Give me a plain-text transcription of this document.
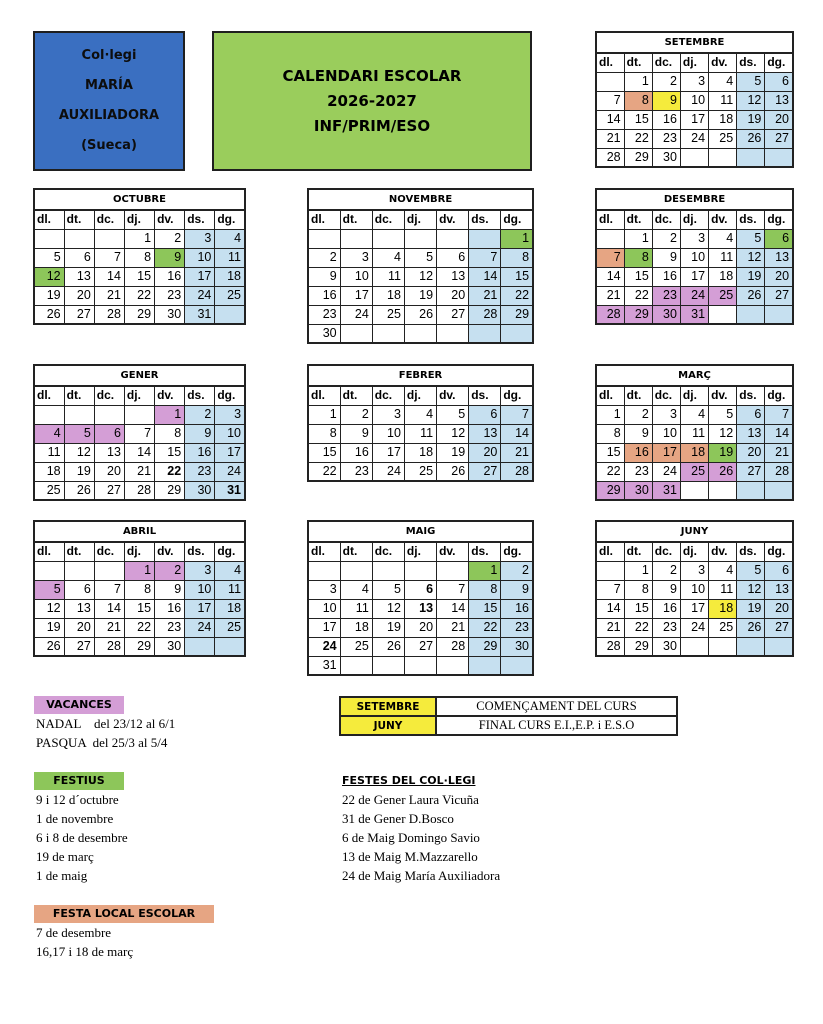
Col·legi
MARÍA
AUXILIADORA
(Sueca)
CALENDARI ESCOLAR
2026-2027
INF/PRIM/ESO
SETEMBRE						
dl.	dt.	dc.	dj.	dv.	ds.	dg.
	1	2	3	4	5	6
7	8	9	10	11	12	13
14	15	16	17	18	19	20
21	22	23	24	25	26	27
28	29	30				
OCTUBRE						
dl.	dt.	dc.	dj.	dv.	ds.	dg.
			1	2	3	4
5	6	7	8	9	10	11
12	13	14	15	16	17	18
19	20	21	22	23	24	25
26	27	28	29	30	31	
NOVEMBRE						
dl.	dt.	dc.	dj.	dv.	ds.	dg.
						1
2	3	4	5	6	7	8
9	10	11	12	13	14	15
16	17	18	19	20	21	22
23	24	25	26	27	28	29
30						
DESEMBRE						
dl.	dt.	dc.	dj.	dv.	ds.	dg.
	1	2	3	4	5	6
7	8	9	10	11	12	13
14	15	16	17	18	19	20
21	22	23	24	25	26	27
28	29	30	31			
GENER						
dl.	dt.	dc.	dj.	dv.	ds.	dg.
				1	2	3
4	5	6	7	8	9	10
11	12	13	14	15	16	17
18	19	20	21	22	23	24
25	26	27	28	29	30	31
FEBRER						
dl.	dt.	dc.	dj.	dv.	ds.	dg.
1	2	3	4	5	6	7
8	9	10	11	12	13	14
15	16	17	18	19	20	21
22	23	24	25	26	27	28
MARÇ						
dl.	dt.	dc.	dj.	dv.	ds.	dg.
1	2	3	4	5	6	7
8	9	10	11	12	13	14
15	16	17	18	19	20	21
22	23	24	25	26	27	28
29	30	31				
ABRIL						
dl.	dt.	dc.	dj.	dv.	ds.	dg.
			1	2	3	4
5	6	7	8	9	10	11
12	13	14	15	16	17	18
19	20	21	22	23	24	25
26	27	28	29	30		
MAIG						
dl.	dt.	dc.	dj.	dv.	ds.	dg.
					1	2
3	4	5	6	7	8	9
10	11	12	13	14	15	16
17	18	19	20	21	22	23
24	25	26	27	28	29	30
31						
JUNY						
dl.	dt.	dc.	dj.	dv.	ds.	dg.
	1	2	3	4	5	6
7	8	9	10	11	12	13
14	15	16	17	18	19	20
21	22	23	24	25	26	27
28	29	30				
VACANCES
NADAL    del 23/12 al 6/1
PASQUA  del 25/3 al 5/4
FESTIUS
9 i 12 d´octubre
1 de novembre
6 i 8 de desembre
19 de març
1 de maig
FESTA LOCAL ESCOLAR
7 de desembre
16,17 i 18 de març
SETEMBRE	COMENÇAMENT DEL CURS
JUNY	FINAL CURS E.I.,E.P. i E.S.O
FESTES DEL COL·LEGI
22 de Gener Laura Vicuña
31 de Gener D.Bosco
6 de Maig Domingo Savio
13 de Maig M.Mazzarello
24 de Maig María Auxiliadora
